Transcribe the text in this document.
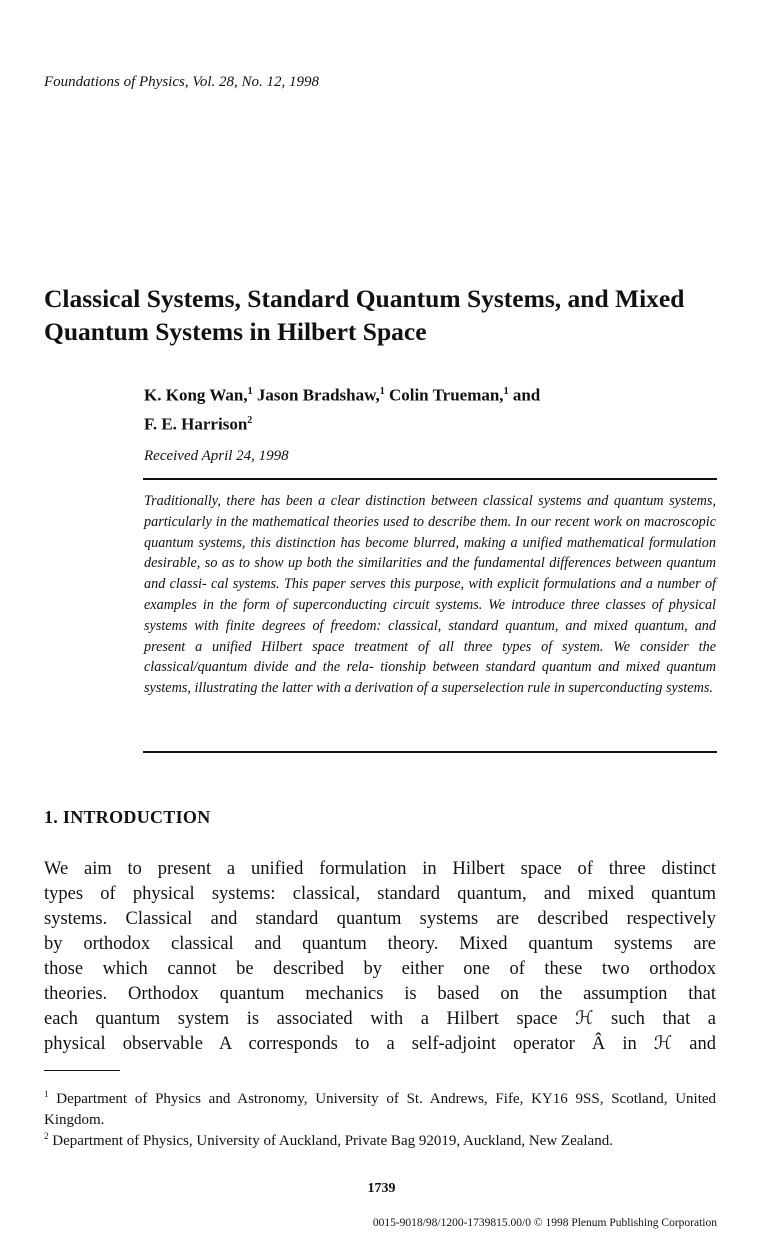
Foundations of Physics, Vol. 28, No. 12, 1998
Classical Systems, Standard Quantum Systems, and Mixed Quantum Systems in Hilbert Space
K. Kong Wan,$^1$ Jason Bradshaw,$^1$ Colin Trueman,$^1$ and
F. E. Harrison$^2$
Received April 24, 1998
Traditionally, there has been a clear distinction between classical systems and quantum systems, particularly in the mathematical theories used to describe them. In our recent work on macroscopic quantum systems, this distinction has become blurred, making a unified mathematical formulation desirable, so as to show up both the similarities and the fundamental differences between quantum and classi- cal systems. This paper serves this purpose, with explicit formulations and a number of examples in the form of superconducting circuit systems. We introduce three classes of physical systems with finite degrees of freedom: classical, standard quantum, and mixed quantum, and present a unified Hilbert space treatment of all three types of system. We consider the classical/quantum divide and the rela- tionship between standard quantum and mixed quantum systems, illustrating the latter with a derivation of a superselection rule in superconducting systems.
1. INTRODUCTION
We aim to present a unified formulation in Hilbert space of three distinct
types of physical systems: classical, standard quantum, and mixed quantum
systems. Classical and standard quantum systems are described respectively
by orthodox classical and quantum theory. Mixed quantum systems are
those which cannot be described by either one of these two orthodox
theories. Orthodox quantum mechanics is based on the assumption that
each quantum system is associated with a Hilbert space ℋ such that a
physical observable A corresponds to a self-adjoint operator Â in ℋ and
$^1$ Department of Physics and Astronomy, University of St. Andrews, Fife, KY16 9SS, Scotland, United Kingdom.
$^2$ Department of Physics, University of Auckland, Private Bag 92019, Auckland, New Zealand.
1739
0015-9018/98/1200-1739815.00/0 © 1998 Plenum Publishing Corporation
